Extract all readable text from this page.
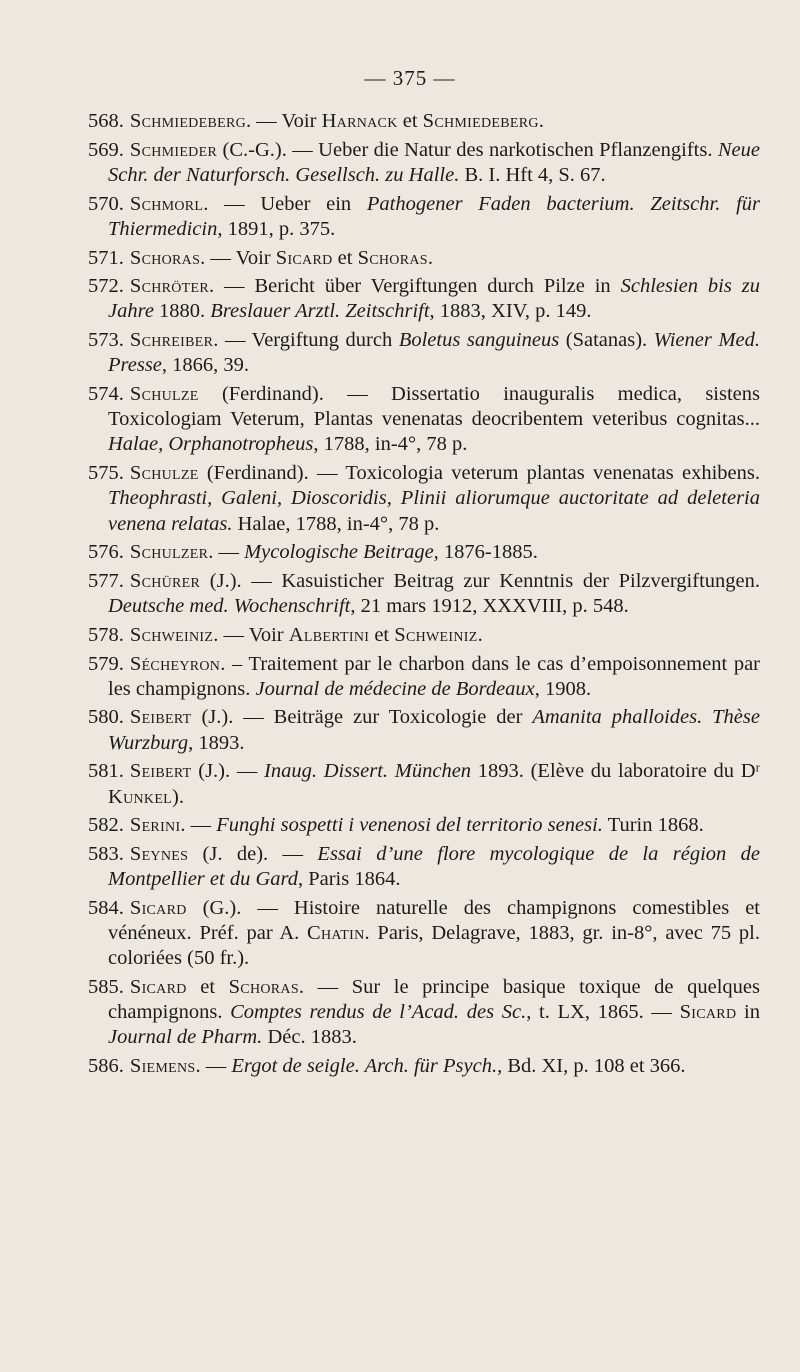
— 375 —
568. Schmiedeberg. — Voir Harnack et Schmiedeberg.
569. Schmieder (C.-G.). — Ueber die Natur des narkotischen Pflanzengifts. Neue Schr. der Naturforsch. Gesellsch. zu Halle. B. I. Hft 4, S. 67.
570. Schmorl. — Ueber ein Pathogener Faden bacterium. Zeitschr. für Thiermedicin, 1891, p. 375.
571. Schoras. — Voir Sicard et Schoras.
572. Schröter. — Bericht über Vergiftungen durch Pilze in Schlesien bis zu Jahre 1880. Breslauer Arztl. Zeitschrift, 1883, XIV, p. 149.
573. Schreiber. — Vergiftung durch Boletus sanguineus (Satanas). Wiener Med. Presse, 1866, 39.
574. Schulze (Ferdinand). — Dissertatio inauguralis medica, sistens Toxicologiam Veterum, Plantas venenatas deocribentem veteribus cognitas... Halae, Orphanotropheus, 1788, in-4°, 78 p.
575. Schulze (Ferdinand). — Toxicologia veterum plantas venenatas exhibens. Theophrasti, Galeni, Dioscoridis, Plinii aliorumque auctoritate ad deleteria venena relatas. Halae, 1788, in-4°, 78 p.
576. Schulzer. — Mycologische Beitrage, 1876-1885.
577. Schürer (J.). — Kasuisticher Beitrag zur Kenntnis der Pilzvergiftungen. Deutsche med. Wochenschrift, 21 mars 1912, XXXVIII, p. 548.
578. Schweiniz. — Voir Albertini et Schweiniz.
579. Sécheyron. – Traitement par le charbon dans le cas d’empoisonnement par les champignons. Journal de médecine de Bordeaux, 1908.
580. Seibert (J.). — Beiträge zur Toxicologie der Amanita phalloides. Thèse Wurzburg, 1893.
581. Seibert (J.). — Inaug. Dissert. München 1893. (Elève du laboratoire du Dʳ Kunkel).
582. Serini. — Funghi sospetti i venenosi del territorio senesi. Turin 1868.
583. Seynes (J. de). — Essai d’une flore mycologique de la région de Montpellier et du Gard, Paris 1864.
584. Sicard (G.). — Histoire naturelle des champignons comestibles et vénéneux. Préf. par A. Chatin. Paris, Delagrave, 1883, gr. in-8°, avec 75 pl. coloriées (50 fr.).
585. Sicard et Schoras. — Sur le principe basique toxique de quelques champignons. Comptes rendus de l’Acad. des Sc., t. LX, 1865. — Sicard in Journal de Pharm. Déc. 1883.
586. Siemens. — Ergot de seigle. Arch. für Psych., Bd. XI, p. 108 et 366.
